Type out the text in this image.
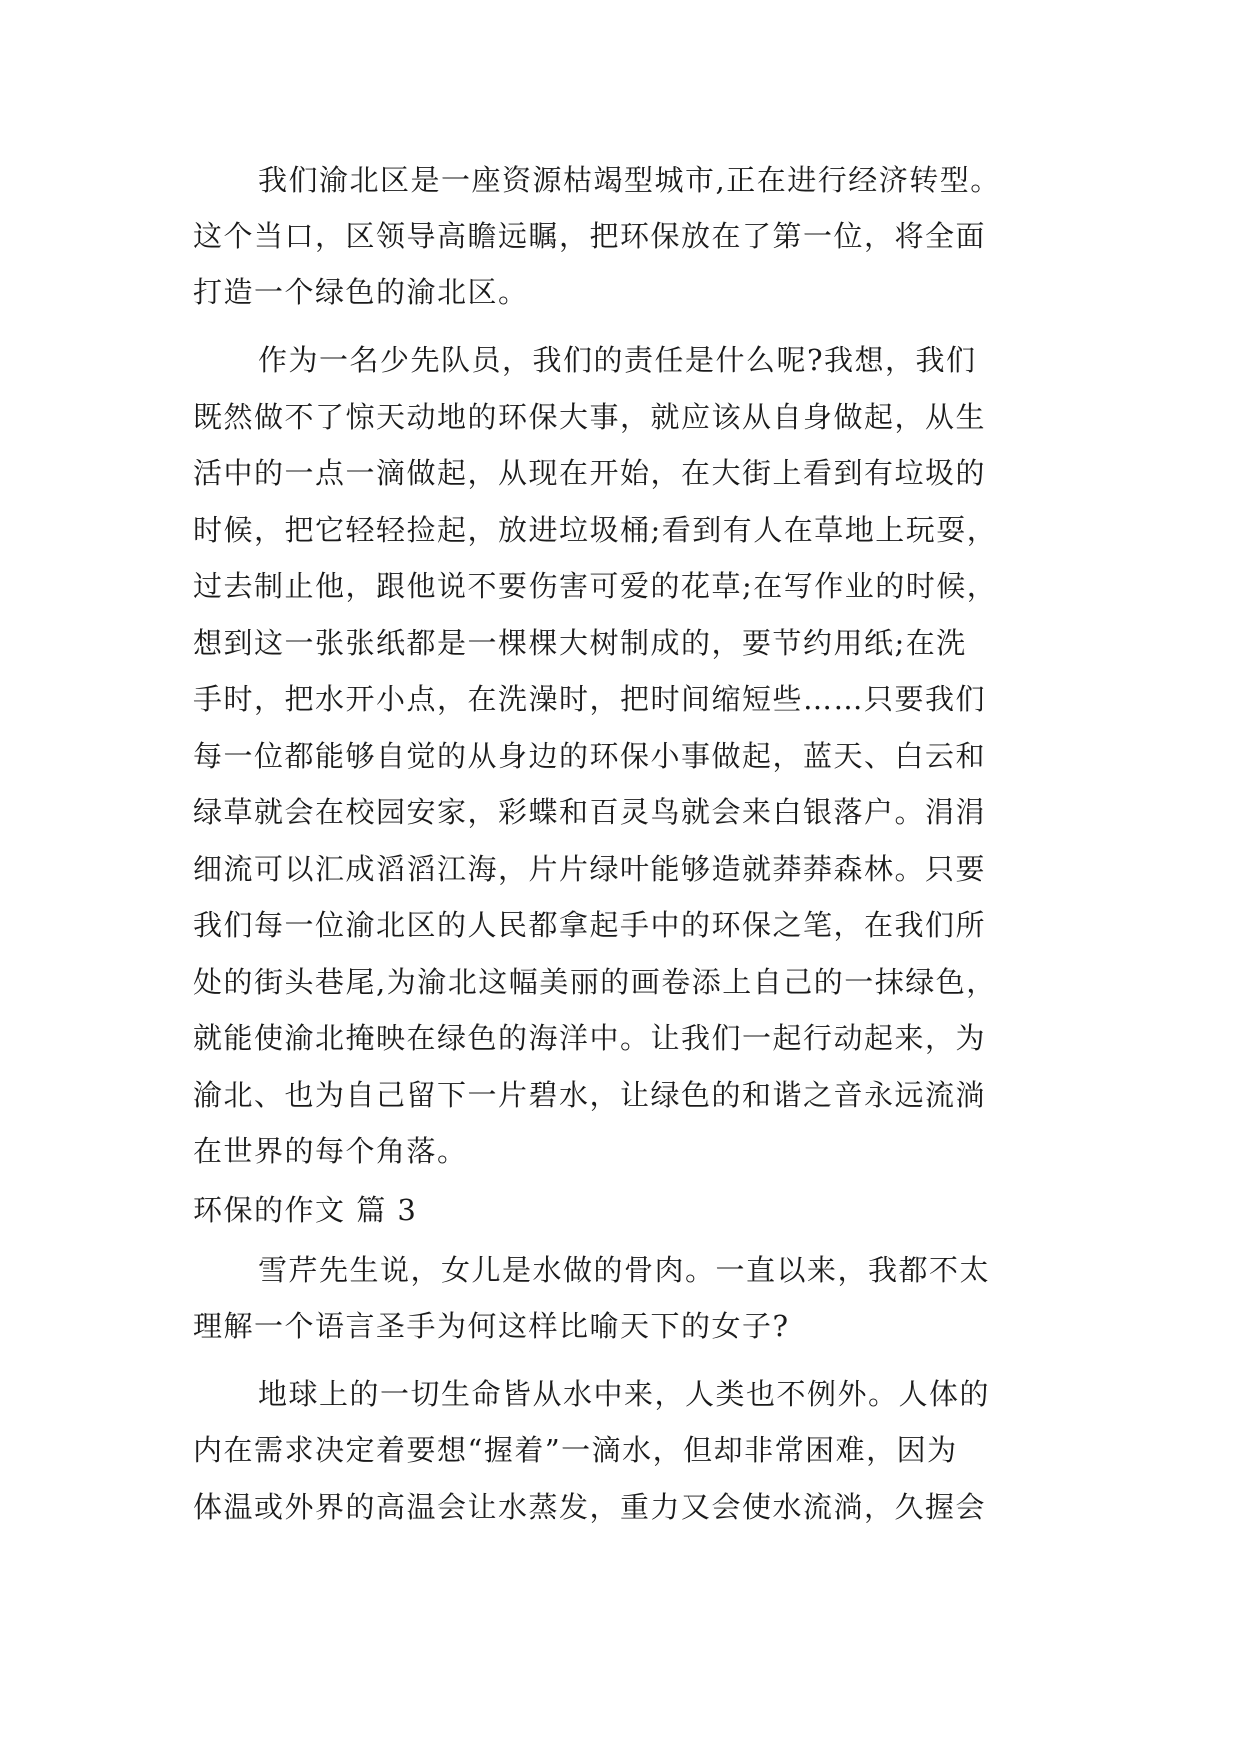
我们渝北区是一座资源枯竭型城市,正在进行经济转型。
这个当口，区领导高瞻远瞩，把环保放在了第一位，将全面
打造一个绿色的渝北区。
作为一名少先队员，我们的责任是什么呢?我想，我们
既然做不了惊天动地的环保大事，就应该从自身做起，从生
活中的一点一滴做起，从现在开始，在大街上看到有垃圾的
时候，把它轻轻捡起，放进垃圾桶;看到有人在草地上玩耍，
过去制止他，跟他说不要伤害可爱的花草;在写作业的时候，
想到这一张张纸都是一棵棵大树制成的，要节约用纸;在洗
手时，把水开小点，在洗澡时，把时间缩短些……只要我们
每一位都能够自觉的从身边的环保小事做起，蓝天、白云和
绿草就会在校园安家，彩蝶和百灵鸟就会来白银落户。涓涓
细流可以汇成滔滔江海，片片绿叶能够造就莽莽森林。只要
我们每一位渝北区的人民都拿起手中的环保之笔，在我们所
处的街头巷尾,为渝北这幅美丽的画卷添上自己的一抹绿色，
就能使渝北掩映在绿色的海洋中。让我们一起行动起来，为
渝北、也为自己留下一片碧水，让绿色的和谐之音永远流淌
在世界的每个角落。
环保的作文 篇 3
雪芹先生说，女儿是水做的骨肉。一直以来，我都不太
理解一个语言圣手为何这样比喻天下的女子?
地球上的一切生命皆从水中来，人类也不例外。人体的
内在需求决定着要想“握着”一滴水，但却非常困难，因为
体温或外界的高温会让水蒸发，重力又会使水流淌，久握会
